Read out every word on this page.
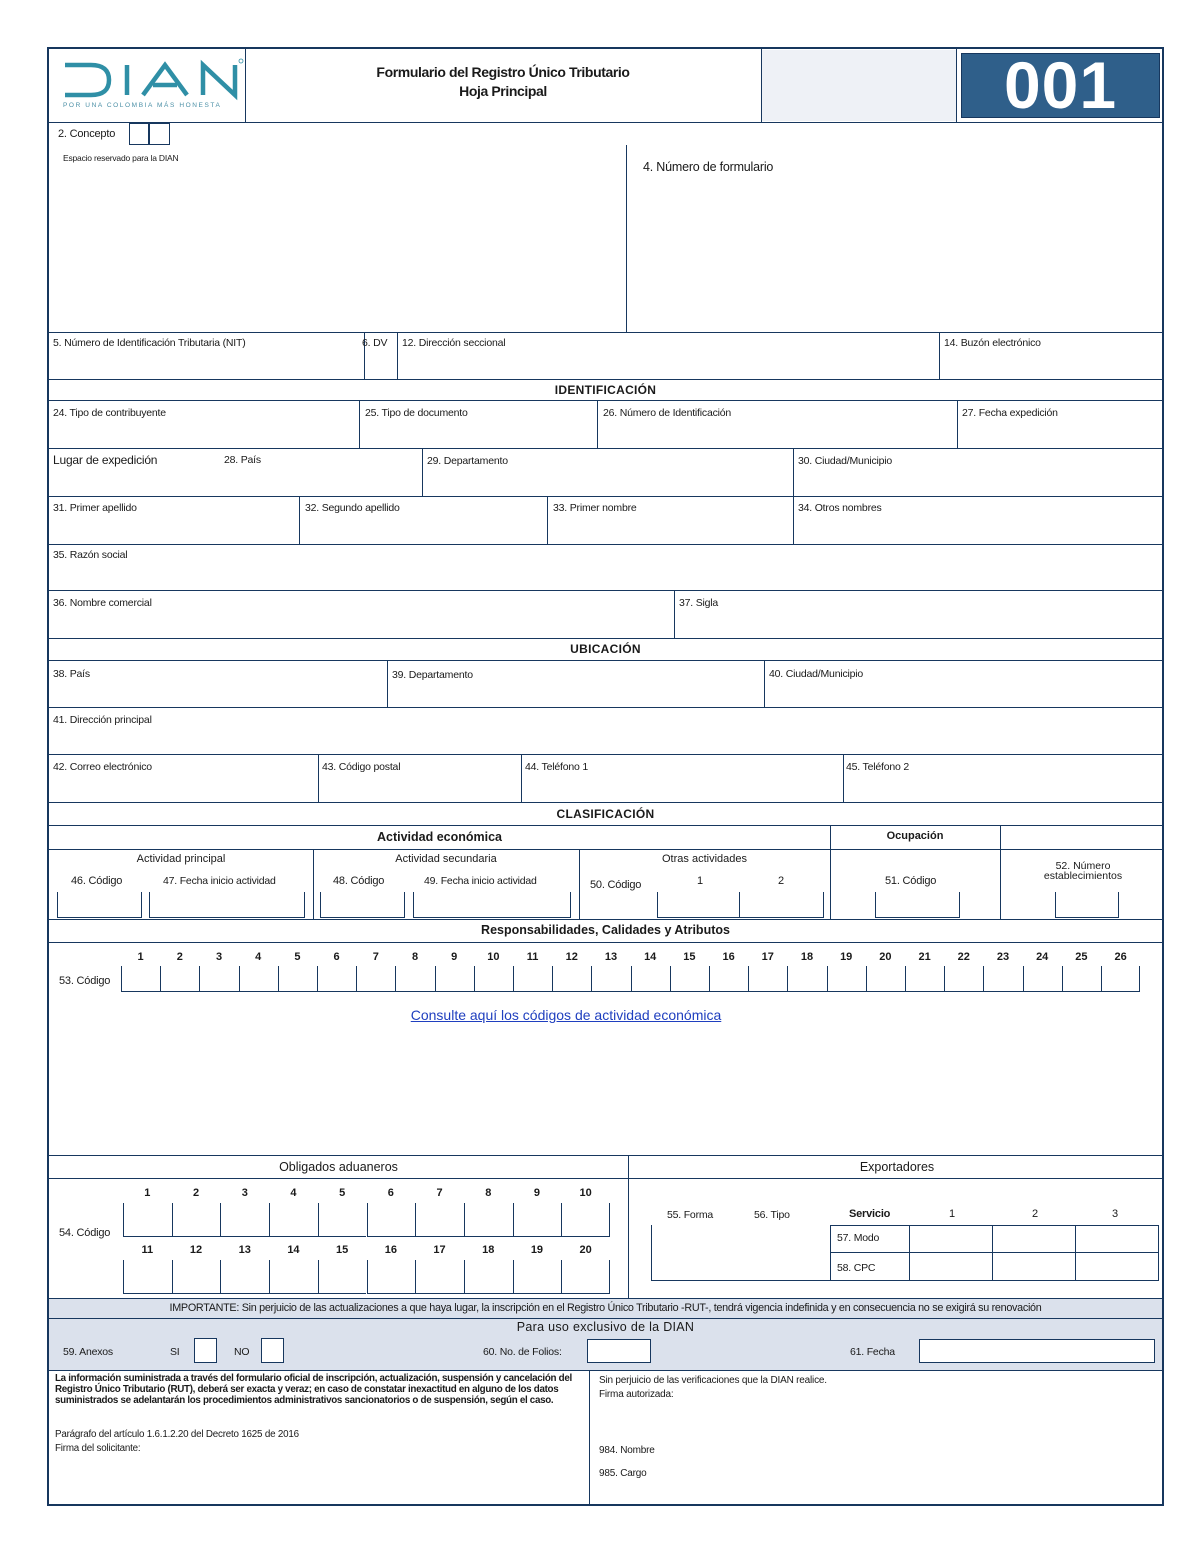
POR UNA COLOMBIA MÁS HONESTA
Formulario del Registro Único Tributario
Hoja Principal	001
2. Concepto
Espacio reservado para la DIAN
4. Número de formulario
5. Número de Identificación Tributaria (NIT)	6. DV 12. Dirección seccional	14. Buzón electrónico
IDENTIFICACIÓN
24. Tipo de contribuyente	25. Tipo de documento	26. Número de Identificación	27. Fecha expedición
Lugar de expedición	28. País	29. Departamento	30. Ciudad/Municipio
31. Primer apellido	32. Segundo apellido	33. Primer nombre	34. Otros nombres
35. Razón social
36. Nombre comercial	37. Sigla
UBICACIÓN
38. País	39. Departamento	40. Ciudad/Municipio
41. Dirección principal
42. Correo electrónico	43. Código postal	44. Teléfono 1	45. Teléfono 2
CLASIFICACIÓN
Actividad económica	Ocupación
Actividad principal	Actividad secundaria	Otras actividades
46. Código	47. Fecha inicio actividad	48. Código	49. Fecha inicio actividad	50. Código	1	2	51. Código
52. Número
establecimientos
Responsabilidades, Calidades y Atributos
53. Código
1	2	3	4	5	6	7	8	9	10	11	12	13	14	15	16	17	18	19	20	21	22	23	24	25	26
Consulte aquí los códigos de actividad económica
Obligados aduaneros	Exportadores
54. Código
1	2	3	4	5	6	7	8	9	10
11	12	13	14	15	16	17	18	19	20
55. Forma	56. Tipo	Servicio	1	2	3
57. Modo
58. CPC
IMPORTANTE: Sin perjuicio de las actualizaciones a que haya lugar, la inscripción en el Registro Único Tributario -RUT-, tendrá vigencia indefinida y en consecuencia no se exigirá su renovación
Para uso exclusivo de la DIAN
59. Anexos	SI	NO	60. No. de Folios:	61. Fecha
La información suministrada a través del formulario oficial de inscripción, actualización, suspensión y cancelación del Registro Único Tributario (RUT), deberá ser exacta y veraz; en caso de constatar inexactitud en alguno de los datos suministrados se adelantarán los procedimientos administrativos sancionatorios o de suspensión, según el caso.
Parágrafo del artículo 1.6.1.2.20 del Decreto 1625 de 2016
Firma del solicitante:
Sin perjuicio de las verificaciones que la DIAN realice.
Firma autorizada:
984. Nombre
985. Cargo
